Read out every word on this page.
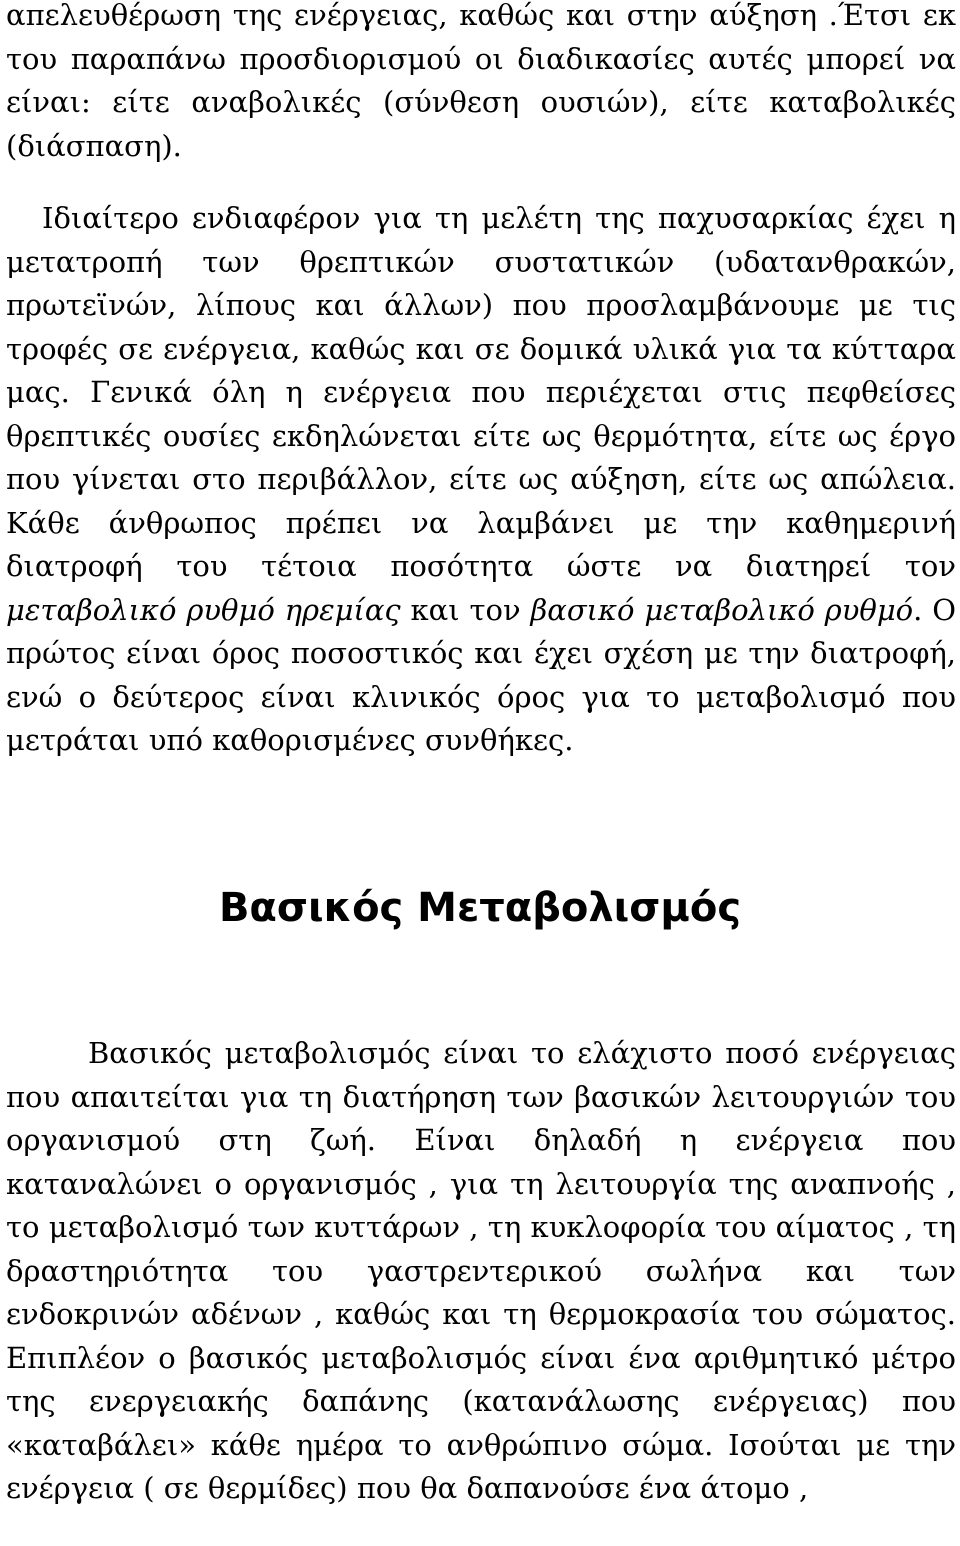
απελευθέρωση της ενέργειας, καθώς και στην αύξηση .Έτσι εκ του παραπάνω προσδιορισμού οι διαδικασίες αυτές μπορεί να είναι: είτε αναβολικές (σύνθεση ουσιών), είτε καταβολικές (διάσπαση).

Ιδιαίτερο ενδιαφέρον για τη μελέτη της παχυσαρκίας έχει η μετατροπή των θρεπτικών συστατικών (υδατανθρακών, πρωτεϊνών, λίπους και άλλων) που προσλαμβάνουμε με τις τροφές σε ενέργεια, καθώς και σε δομικά υλικά για τα κύτταρα μας. Γενικά όλη η ενέργεια που περιέχεται στις πεφθείσες θρεπτικές ουσίες εκδηλώνεται είτε ως θερμότητα, είτε ως έργο που γίνεται στο περιβάλλον, είτε ως αύξηση, είτε ως απώλεια. Κάθε άνθρωπος πρέπει να λαμβάνει με την καθημερινή διατροφή του τέτοια ποσότητα ώστε να διατηρεί τον μεταβολικό ρυθμό ηρεμίας και τον βασικό μεταβολικό ρυθμό. Ο πρώτος είναι όρος ποσοστικός και έχει σχέση με την διατροφή, ενώ ο δεύτερος είναι κλινικός όρος για το μεταβολισμό που μετράται υπό καθορισμένες συνθήκες.

Βασικός Μεταβολισμός

Βασικός μεταβολισμός είναι το ελάχιστο ποσό ενέργειας που απαιτείται για τη διατήρηση των βασικών λειτουργιών του οργανισμού στη ζωή. Είναι δηλαδή η ενέργεια που καταναλώνει ο οργανισμός , για τη λειτουργία της αναπνοής , το μεταβολισμό των κυττάρων , τη κυκλοφορία του αίματος , τη δραστηριότητα του γαστρεντερικού σωλήνα και των ενδοκρινών αδένων , καθώς και τη θερμοκρασία του σώματος. Επιπλέον ο βασικός μεταβολισμός είναι ένα αριθμητικό μέτρο της ενεργειακής δαπάνης (κατανάλωσης ενέργειας) που «καταβάλει» κάθε ημέρα το ανθρώπινο σώμα. Ισούται με την ενέργεια ( σε θερμίδες) που θα δαπανούσε ένα άτομο ,
